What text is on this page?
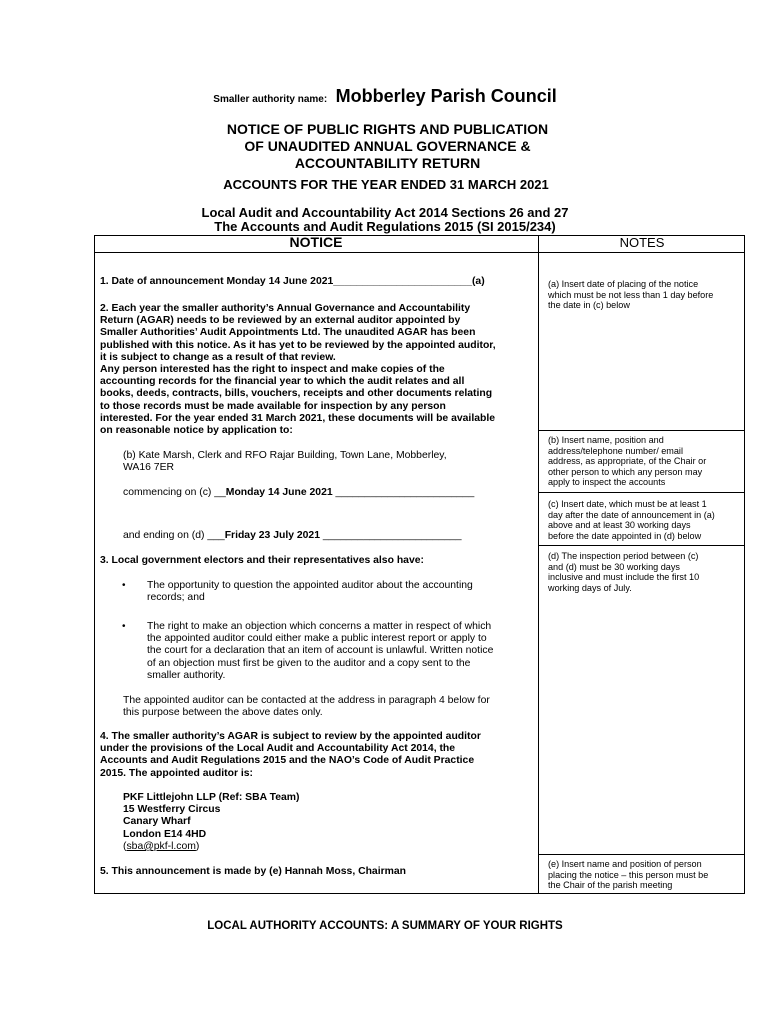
Smaller authority name: Mobberley Parish Council
NOTICE OF PUBLIC RIGHTS AND PUBLICATION
OF UNAUDITED ANNUAL GOVERNANCE &
ACCOUNTABILITY RETURN
ACCOUNTS FOR THE YEAR ENDED 31 MARCH 2021
Local Audit and Accountability Act 2014 Sections 26 and 27
The Accounts and Audit Regulations 2015 (SI 2015/234)
NOTICE	NOTES
1. Date of announcement Monday 14 June 2021________________________(a)
2. Each year the smaller authority’s Annual Governance and Accountability
Return (AGAR) needs to be reviewed by an external auditor appointed by
Smaller Authorities’ Audit Appointments Ltd. The unaudited AGAR has been
published with this notice. As it has yet to be reviewed by the appointed auditor,
it is subject to change as a result of that review.
Any person interested has the right to inspect and make copies of the
accounting records for the financial year to which the audit relates and all
books, deeds, contracts, bills, vouchers, receipts and other documents relating
to those records must be made available for inspection by any person
interested. For the year ended 31 March 2021, these documents will be available
on reasonable notice by application to:
(b) Kate Marsh, Clerk and RFO Rajar Building, Town Lane, Mobberley,
WA16 7ER
commencing on (c) __Monday 14 June 2021 ________________________
and ending on (d) ___Friday 23 July 2021 ________________________
3. Local government electors and their representatives also have:
• The opportunity to question the appointed auditor about the accounting
records; and
• The right to make an objection which concerns a matter in respect of which
the appointed auditor could either make a public interest report or apply to
the court for a declaration that an item of account is unlawful. Written notice
of an objection must first be given to the auditor and a copy sent to the
smaller authority.
The appointed auditor can be contacted at the address in paragraph 4 below for
this purpose between the above dates only.
4. The smaller authority’s AGAR is subject to review by the appointed auditor
under the provisions of the Local Audit and Accountability Act 2014, the
Accounts and Audit Regulations 2015 and the NAO’s Code of Audit Practice
2015. The appointed auditor is:
PKF Littlejohn LLP (Ref: SBA Team)
15 Westferry Circus
Canary Wharf
London E14 4HD
(sba@pkf-l.com)
5. This announcement is made by (e) Hannah Moss, Chairman
(a) Insert date of placing of the notice
which must be not less than 1 day before
the date in (c) below
(b) Insert name, position and
address/telephone number/ email
address, as appropriate, of the Chair or
other person to which any person may
apply to inspect the accounts
(c) Insert date, which must be at least 1
day after the date of announcement in (a)
above and at least 30 working days
before the date appointed in (d) below
(d) The inspection period between (c)
and (d) must be 30 working days
inclusive and must include the first 10
working days of July.
(e) Insert name and position of person
placing the notice – this person must be
the Chair of the parish meeting
LOCAL AUTHORITY ACCOUNTS: A SUMMARY OF YOUR RIGHTS
